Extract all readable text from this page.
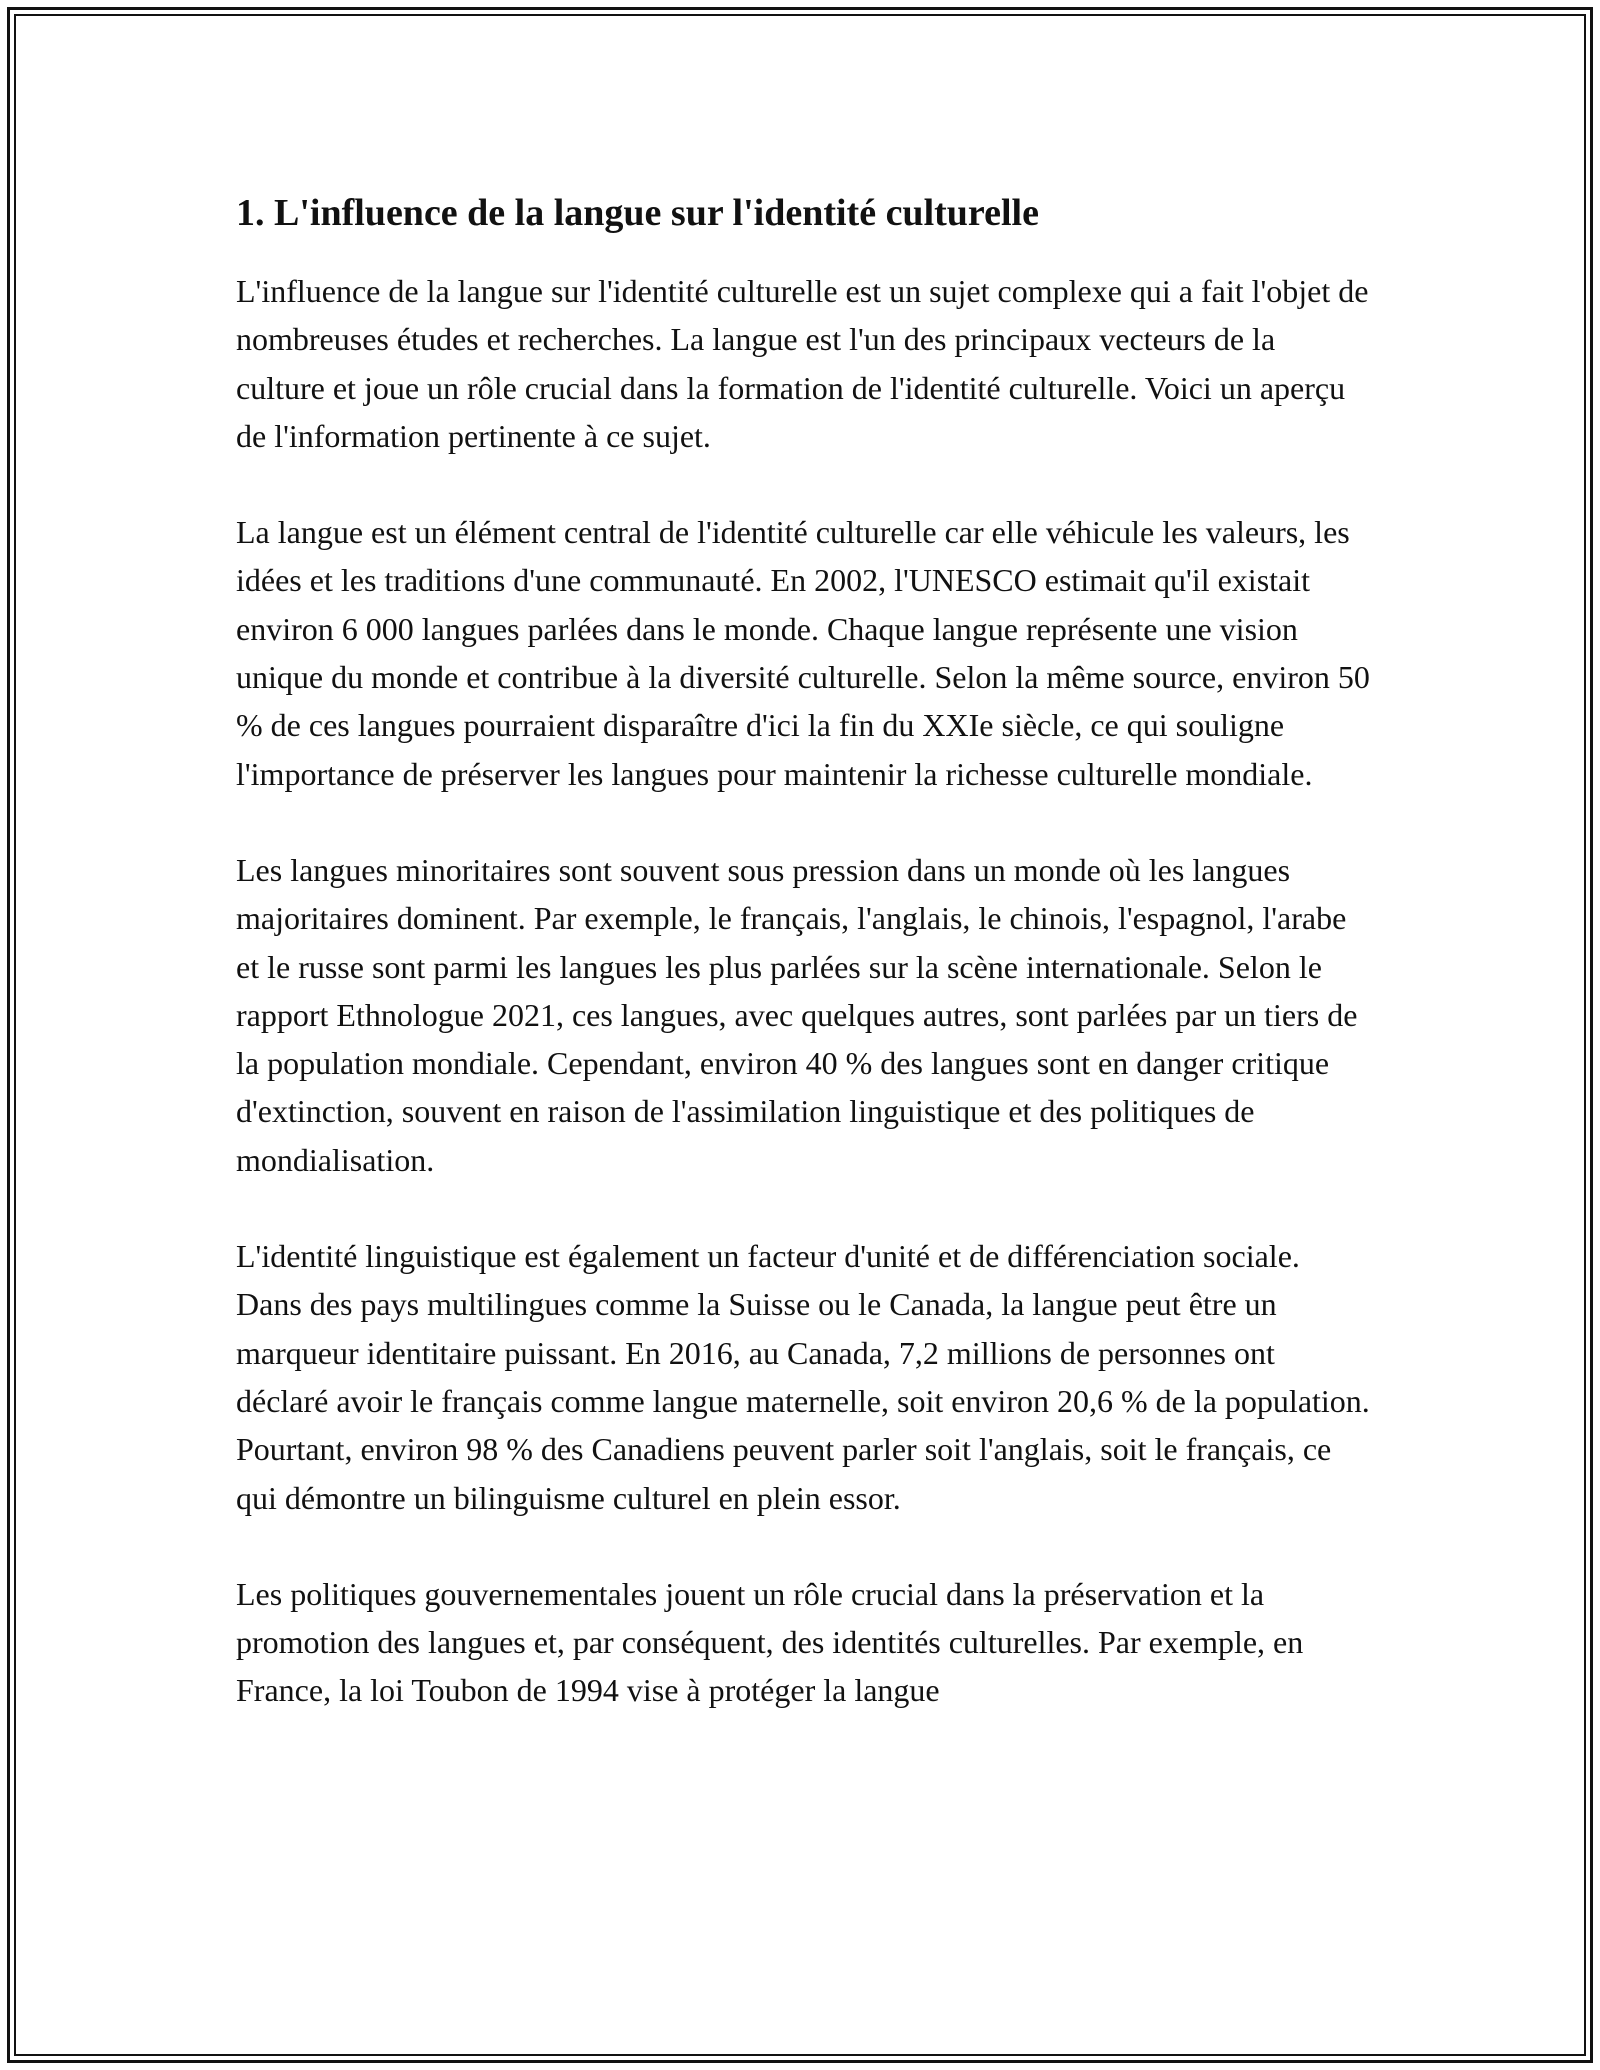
1. L'influence de la langue sur l'identité culturelle

L'influence de la langue sur l'identité culturelle est un sujet complexe qui a fait l'objet de nombreuses études et recherches. La langue est l'un des principaux vecteurs de la culture et joue un rôle crucial dans la formation de l'identité culturelle. Voici un aperçu de l'information pertinente à ce sujet.

La langue est un élément central de l'identité culturelle car elle véhicule les valeurs, les idées et les traditions d'une communauté. En 2002, l'UNESCO estimait qu'il existait environ 6 000 langues parlées dans le monde. Chaque langue représente une vision unique du monde et contribue à la diversité culturelle. Selon la même source, environ 50 % de ces langues pourraient disparaître d'ici la fin du XXIe siècle, ce qui souligne l'importance de préserver les langues pour maintenir la richesse culturelle mondiale.

Les langues minoritaires sont souvent sous pression dans un monde où les langues majoritaires dominent. Par exemple, le français, l'anglais, le chinois, l'espagnol, l'arabe et le russe sont parmi les langues les plus parlées sur la scène internationale. Selon le rapport Ethnologue 2021, ces langues, avec quelques autres, sont parlées par un tiers de la population mondiale. Cependant, environ 40 % des langues sont en danger critique d'extinction, souvent en raison de l'assimilation linguistique et des politiques de mondialisation.

L'identité linguistique est également un facteur d'unité et de différenciation sociale. Dans des pays multilingues comme la Suisse ou le Canada, la langue peut être un marqueur identitaire puissant. En 2016, au Canada, 7,2 millions de personnes ont déclaré avoir le français comme langue maternelle, soit environ 20,6 % de la population. Pourtant, environ 98 % des Canadiens peuvent parler soit l'anglais, soit le français, ce qui démontre un bilinguisme culturel en plein essor.

Les politiques gouvernementales jouent un rôle crucial dans la préservation et la promotion des langues et, par conséquent, des identités culturelles. Par exemple, en France, la loi Toubon de 1994 vise à protéger la langue
